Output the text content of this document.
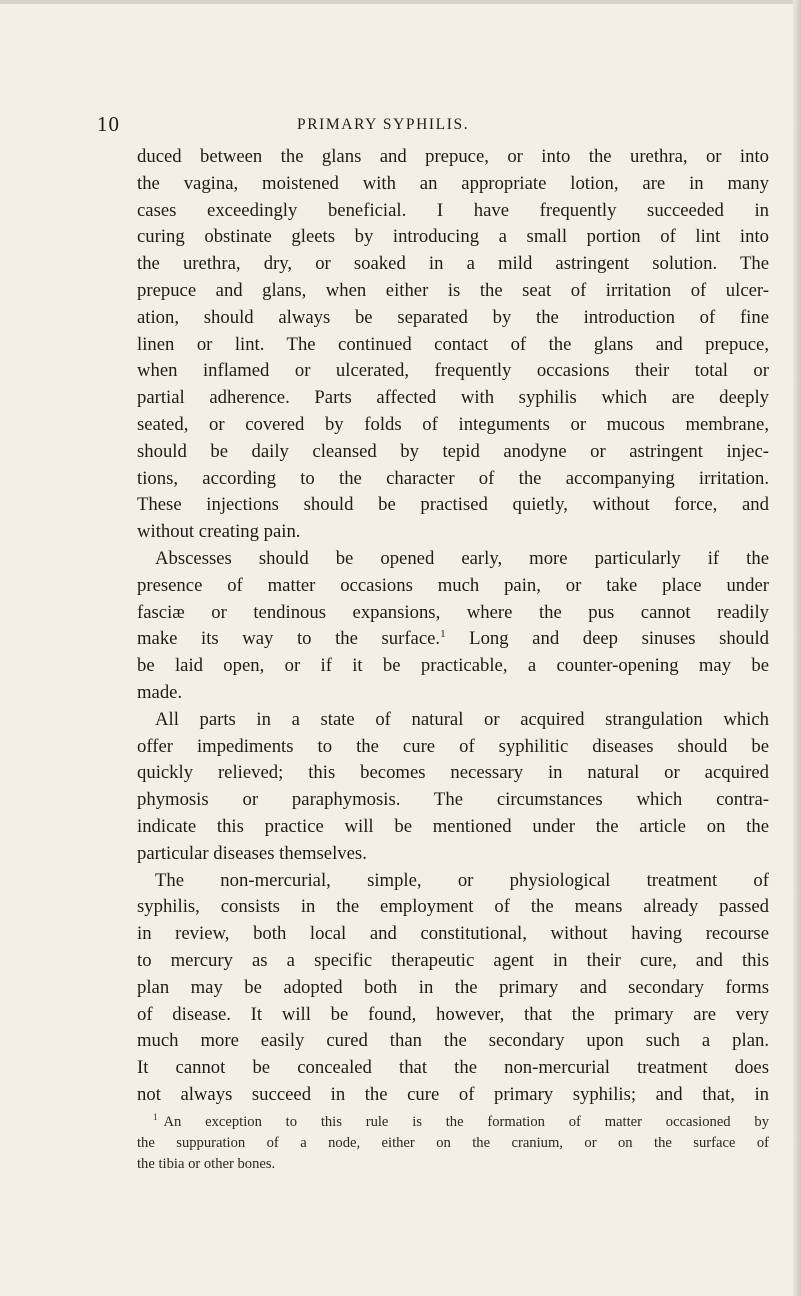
10	PRIMARY SYPHILIS.
duced between the glans and prepuce, or into the urethra, or into
the vagina, moistened with an appropriate lotion, are in many
cases exceedingly beneficial. I have frequently succeeded in
curing obstinate gleets by introducing a small portion of lint into
the urethra, dry, or soaked in a mild astringent solution. The
prepuce and glans, when either is the seat of irritation of ulcer-
ation, should always be separated by the introduction of fine
linen or lint. The continued contact of the glans and prepuce,
when inflamed or ulcerated, frequently occasions their total or
partial adherence. Parts affected with syphilis which are deeply
seated, or covered by folds of integuments or mucous membrane,
should be daily cleansed by tepid anodyne or astringent injec-
tions, according to the character of the accompanying irritation.
These injections should be practised quietly, without force, and
without creating pain.
Abscesses should be opened early, more particularly if the
presence of matter occasions much pain, or take place under
fasciæ or tendinous expansions, where the pus cannot readily
make its way to the surface.$^1$ Long and deep sinuses should
be laid open, or if it be practicable, a counter-opening may be
made.
All parts in a state of natural or acquired strangulation which
offer impediments to the cure of syphilitic diseases should be
quickly relieved; this becomes necessary in natural or acquired
phymosis or paraphymosis. The circumstances which contra-
indicate this practice will be mentioned under the article on the
particular diseases themselves.
The non-mercurial, simple, or physiological treatment of
syphilis, consists in the employment of the means already passed
in review, both local and constitutional, without having recourse
to mercury as a specific therapeutic agent in their cure, and this
plan may be adopted both in the primary and secondary forms
of disease. It will be found, however, that the primary are very
much more easily cured than the secondary upon such a plan.
It cannot be concealed that the non-mercurial treatment does
not always succeed in the cure of primary syphilis; and that, in
$^1$ An exception to this rule is the formation of matter occasioned by
the suppuration of a node, either on the cranium, or on the surface of
the tibia or other bones.
